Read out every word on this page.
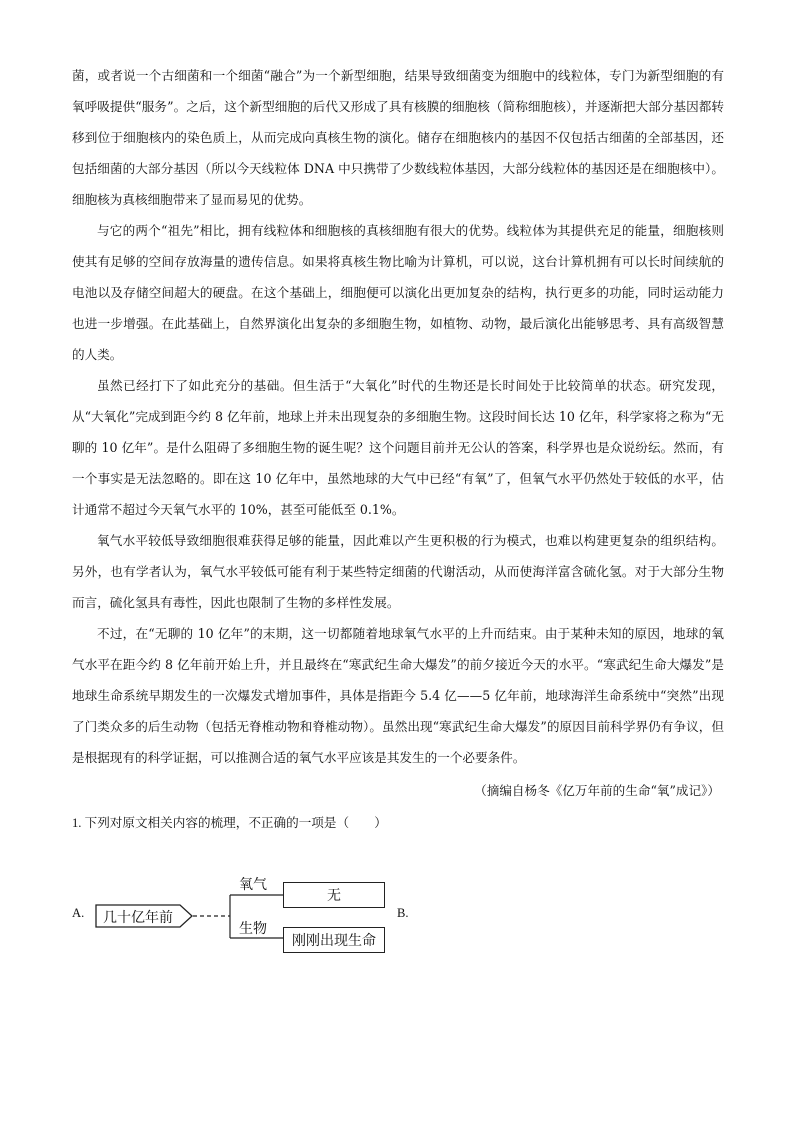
菌，或者说一个古细菌和一个细菌“融合”为一个新型细胞，结果导致细菌变为细胞中的线粒体，专门为新型细胞的有氧呼吸提供“服务”。之后，这个新型细胞的后代又形成了具有核膜的细胞核（简称细胞核），并逐渐把大部分基因都转移到位于细胞核内的染色质上，从而完成向真核生物的演化。储存在细胞核内的基因不仅包括古细菌的全部基因，还包括细菌的大部分基因（所以今天线粒体 DNA 中只携带了少数线粒体基因，大部分线粒体的基因还是在细胞核中）。细胞核为真核细胞带来了显而易见的优势。

与它的两个“祖先”相比，拥有线粒体和细胞核的真核细胞有很大的优势。线粒体为其提供充足的能量，细胞核则使其有足够的空间存放海量的遗传信息。如果将真核生物比喻为计算机，可以说，这台计算机拥有可以长时间续航的电池以及存储空间超大的硬盘。在这个基础上，细胞便可以演化出更加复杂的结构，执行更多的功能，同时运动能力也进一步增强。在此基础上，自然界演化出复杂的多细胞生物，如植物、动物，最后演化出能够思考、具有高级智慧的人类。

虽然已经打下了如此充分的基础。但生活于“大氧化”时代的生物还是长时间处于比较简单的状态。研究发现，从“大氧化”完成到距今约 8 亿年前，地球上并未出现复杂的多细胞生物。这段时间长达 10 亿年，科学家将之称为“无聊的 10 亿年”。是什么阻碍了多细胞生物的诞生呢？这个问题目前并无公认的答案，科学界也是众说纷纭。然而，有一个事实是无法忽略的。即在这 10 亿年中，虽然地球的大气中已经“有氧”了，但氧气水平仍然处于较低的水平，估计通常不超过今天氧气水平的 10%，甚至可能低至 0.1%。

氧气水平较低导致细胞很难获得足够的能量，因此难以产生更积极的行为模式，也难以构建更复杂的组织结构。另外，也有学者认为，氧气水平较低可能有利于某些特定细菌的代谢活动，从而使海洋富含硫化氢。对于大部分生物而言，硫化氢具有毒性，因此也限制了生物的多样性发展。

不过，在“无聊的 10 亿年”的末期，这一切都随着地球氧气水平的上升而结束。由于某种未知的原因，地球的氧气水平在距今约 8 亿年前开始上升，并且最终在“寒武纪生命大爆发”的前夕接近今天的水平。“寒武纪生命大爆发”是地球生命系统早期发生的一次爆发式增加事件，具体是指距今 5.4 亿——5 亿年前，地球海洋生命系统中“突然”出现了门类众多的后生动物（包括无脊椎动物和脊椎动物）。虽然出现“寒武纪生命大爆发”的原因目前科学界仍有争议，但是根据现有的科学证据，可以推测合适的氧气水平应该是其发生的一个必要条件。

（摘编自杨冬《亿万年前的生命“氧”成记》）
1. 下列对原文相关内容的梳理，不正确的一项是（　　）
A.	几十亿年前
氧气
生物
无
刚刚出现生命
B.
